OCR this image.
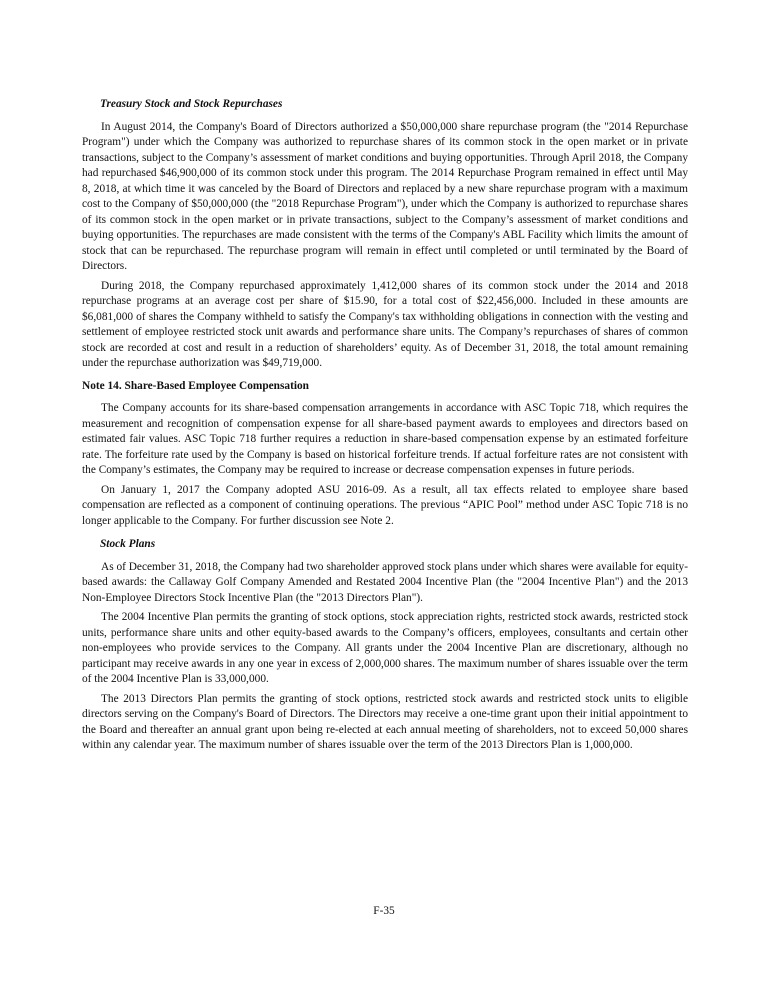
Treasury Stock and Stock Repurchases
In August 2014, the Company's Board of Directors authorized a $50,000,000 share repurchase program (the "2014 Repurchase Program") under which the Company was authorized to repurchase shares of its common stock in the open market or in private transactions, subject to the Company’s assessment of market conditions and buying opportunities. Through April 2018, the Company had repurchased $46,900,000 of its common stock under this program. The 2014 Repurchase Program remained in effect until May 8, 2018, at which time it was canceled by the Board of Directors and replaced by a new share repurchase program with a maximum cost to the Company of $50,000,000 (the "2018 Repurchase Program"), under which the Company is authorized to repurchase shares of its common stock in the open market or in private transactions, subject to the Company’s assessment of market conditions and buying opportunities. The repurchases are made consistent with the terms of the Company's ABL Facility which limits the amount of stock that can be repurchased. The repurchase program will remain in effect until completed or until terminated by the Board of Directors.
During 2018, the Company repurchased approximately 1,412,000 shares of its common stock under the 2014 and 2018 repurchase programs at an average cost per share of $15.90, for a total cost of $22,456,000. Included in these amounts are $6,081,000 of shares the Company withheld to satisfy the Company's tax withholding obligations in connection with the vesting and settlement of employee restricted stock unit awards and performance share units. The Company’s repurchases of shares of common stock are recorded at cost and result in a reduction of shareholders’ equity. As of December 31, 2018, the total amount remaining under the repurchase authorization was $49,719,000.
Note 14. Share-Based Employee Compensation
The Company accounts for its share-based compensation arrangements in accordance with ASC Topic 718, which requires the measurement and recognition of compensation expense for all share-based payment awards to employees and directors based on estimated fair values. ASC Topic 718 further requires a reduction in share-based compensation expense by an estimated forfeiture rate. The forfeiture rate used by the Company is based on historical forfeiture trends. If actual forfeiture rates are not consistent with the Company’s estimates, the Company may be required to increase or decrease compensation expenses in future periods.
On January 1, 2017 the Company adopted ASU 2016-09. As a result, all tax effects related to employee share based compensation are reflected as a component of continuing operations. The previous “APIC Pool” method under ASC Topic 718 is no longer applicable to the Company. For further discussion see Note 2.
Stock Plans
As of December 31, 2018, the Company had two shareholder approved stock plans under which shares were available for equity-based awards: the Callaway Golf Company Amended and Restated 2004 Incentive Plan (the "2004 Incentive Plan") and the 2013 Non-Employee Directors Stock Incentive Plan (the "2013 Directors Plan").
The 2004 Incentive Plan permits the granting of stock options, stock appreciation rights, restricted stock awards, restricted stock units, performance share units and other equity-based awards to the Company’s officers, employees, consultants and certain other non-employees who provide services to the Company. All grants under the 2004 Incentive Plan are discretionary, although no participant may receive awards in any one year in excess of 2,000,000 shares. The maximum number of shares issuable over the term of the 2004 Incentive Plan is 33,000,000.
The 2013 Directors Plan permits the granting of stock options, restricted stock awards and restricted stock units to eligible directors serving on the Company's Board of Directors. The Directors may receive a one-time grant upon their initial appointment to the Board and thereafter an annual grant upon being re-elected at each annual meeting of shareholders, not to exceed 50,000 shares within any calendar year. The maximum number of shares issuable over the term of the 2013 Directors Plan is 1,000,000.
F-35
